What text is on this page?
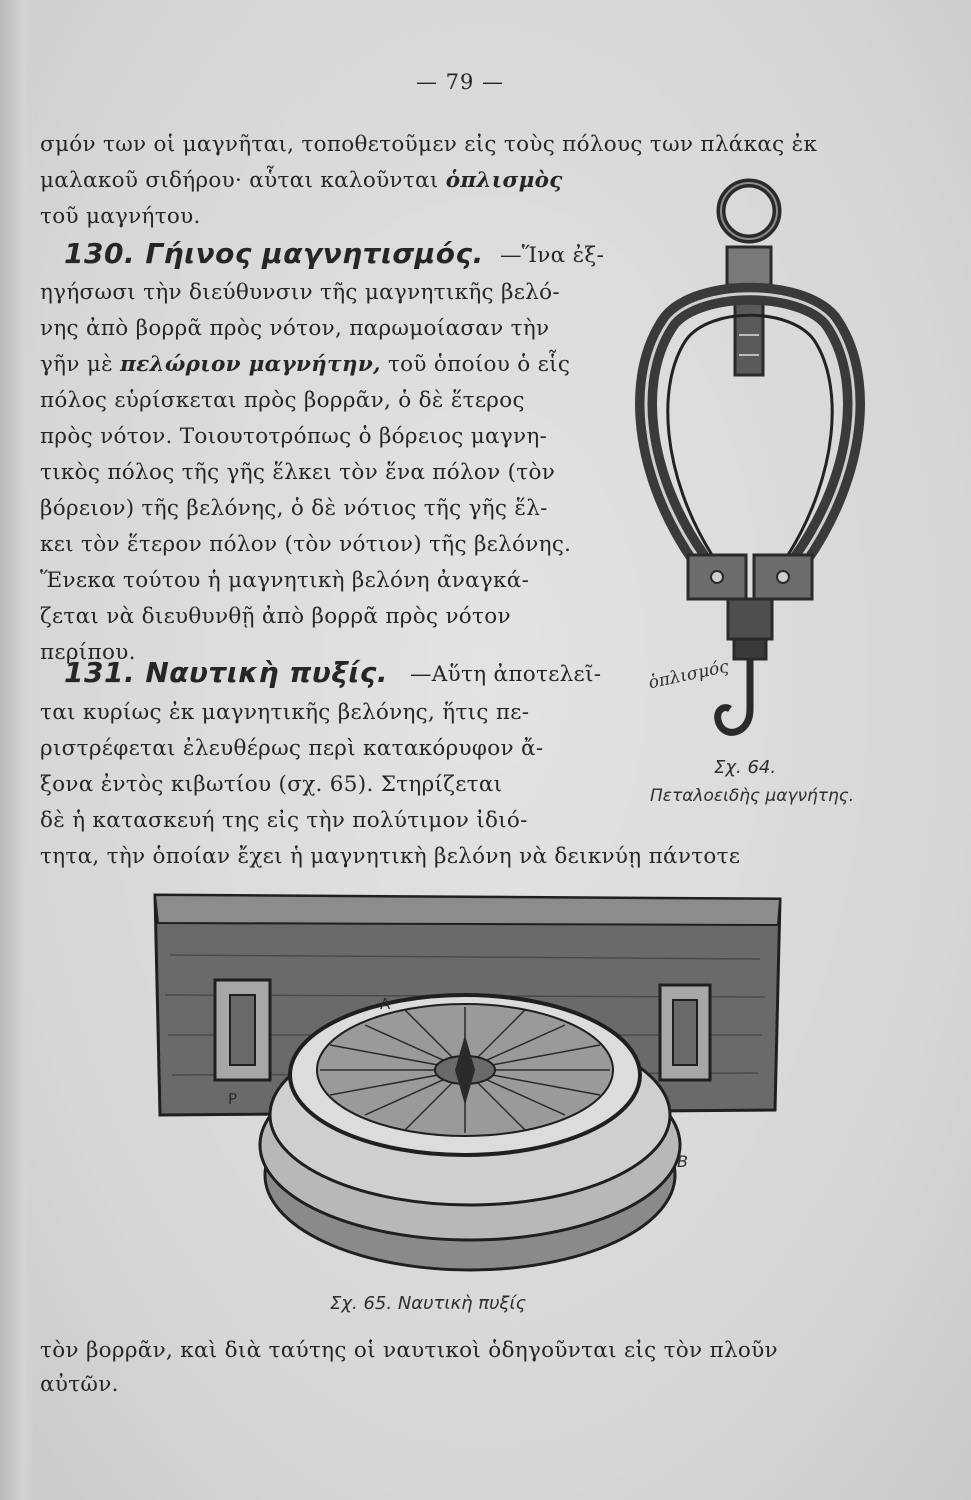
— 79 —
σμόν των οἱ μαγνῆται, τοποθετοῦμεν εἰς τοὺς πόλους των πλάκας ἐκ
μαλακοῦ σιδήρου· αὗται καλοῦνται ὁπλισμὸς
τοῦ μαγνήτου.
130. Γήινος μαγνητισμός. —Ἵνα ἐξ-
ηγήσωσι τὴν διεύθυνσιν τῆς μαγνητικῆς βελό-
νης ἀπὸ βορρᾶ πρὸς νότον, παρωμοίασαν τὴν
γῆν μὲ πελώριον μαγνήτην, τοῦ ὁποίου ὁ εἷς
πόλος εὑρίσκεται πρὸς βορρᾶν, ὁ δὲ ἕτερος
πρὸς νότον. Τοιουτοτρόπως ὁ βόρειος μαγνη-
τικὸς πόλος τῆς γῆς ἕλκει τὸν ἕνα πόλον (τὸν
βόρειον) τῆς βελόνης, ὁ δὲ νότιος τῆς γῆς ἕλ-
κει τὸν ἕτερον πόλον (τὸν νότιον) τῆς βελόνης.
Ἕνεκα τούτου ἡ μαγνητικὴ βελόνη ἀναγκά-
ζεται νὰ διευθυνθῇ ἀπὸ βορρᾶ πρὸς νότον
περίπου.
131. Ναυτικὴ πυξίς. —Αὕτη ἀποτελεῖ-
ται κυρίως ἐκ μαγνητικῆς βελόνης, ἥτις πε-
ριστρέφεται ἐλευθέρως περὶ κατακόρυφον ἄ-
ξονα ἐντὸς κιβωτίου (σχ. 65). Στηρίζεται
δὲ ἡ κατασκευή της εἰς τὴν πολύτιμον ἰδιό-
τητα, τὴν ὁποίαν ἔχει ἡ μαγνητικὴ βελόνη νὰ δεικνύῃ πάντοτε
ὁπλισμός
Σχ. 64.
Πεταλοειδὴς μαγνήτης.
A
P
B
Σχ. 65. Ναυτικὴ πυξίς
τὸν βορρᾶν, καὶ διὰ ταύτης οἱ ναυτικοὶ ὁδηγοῦνται εἰς τὸν πλοῦν
αὐτῶν.
